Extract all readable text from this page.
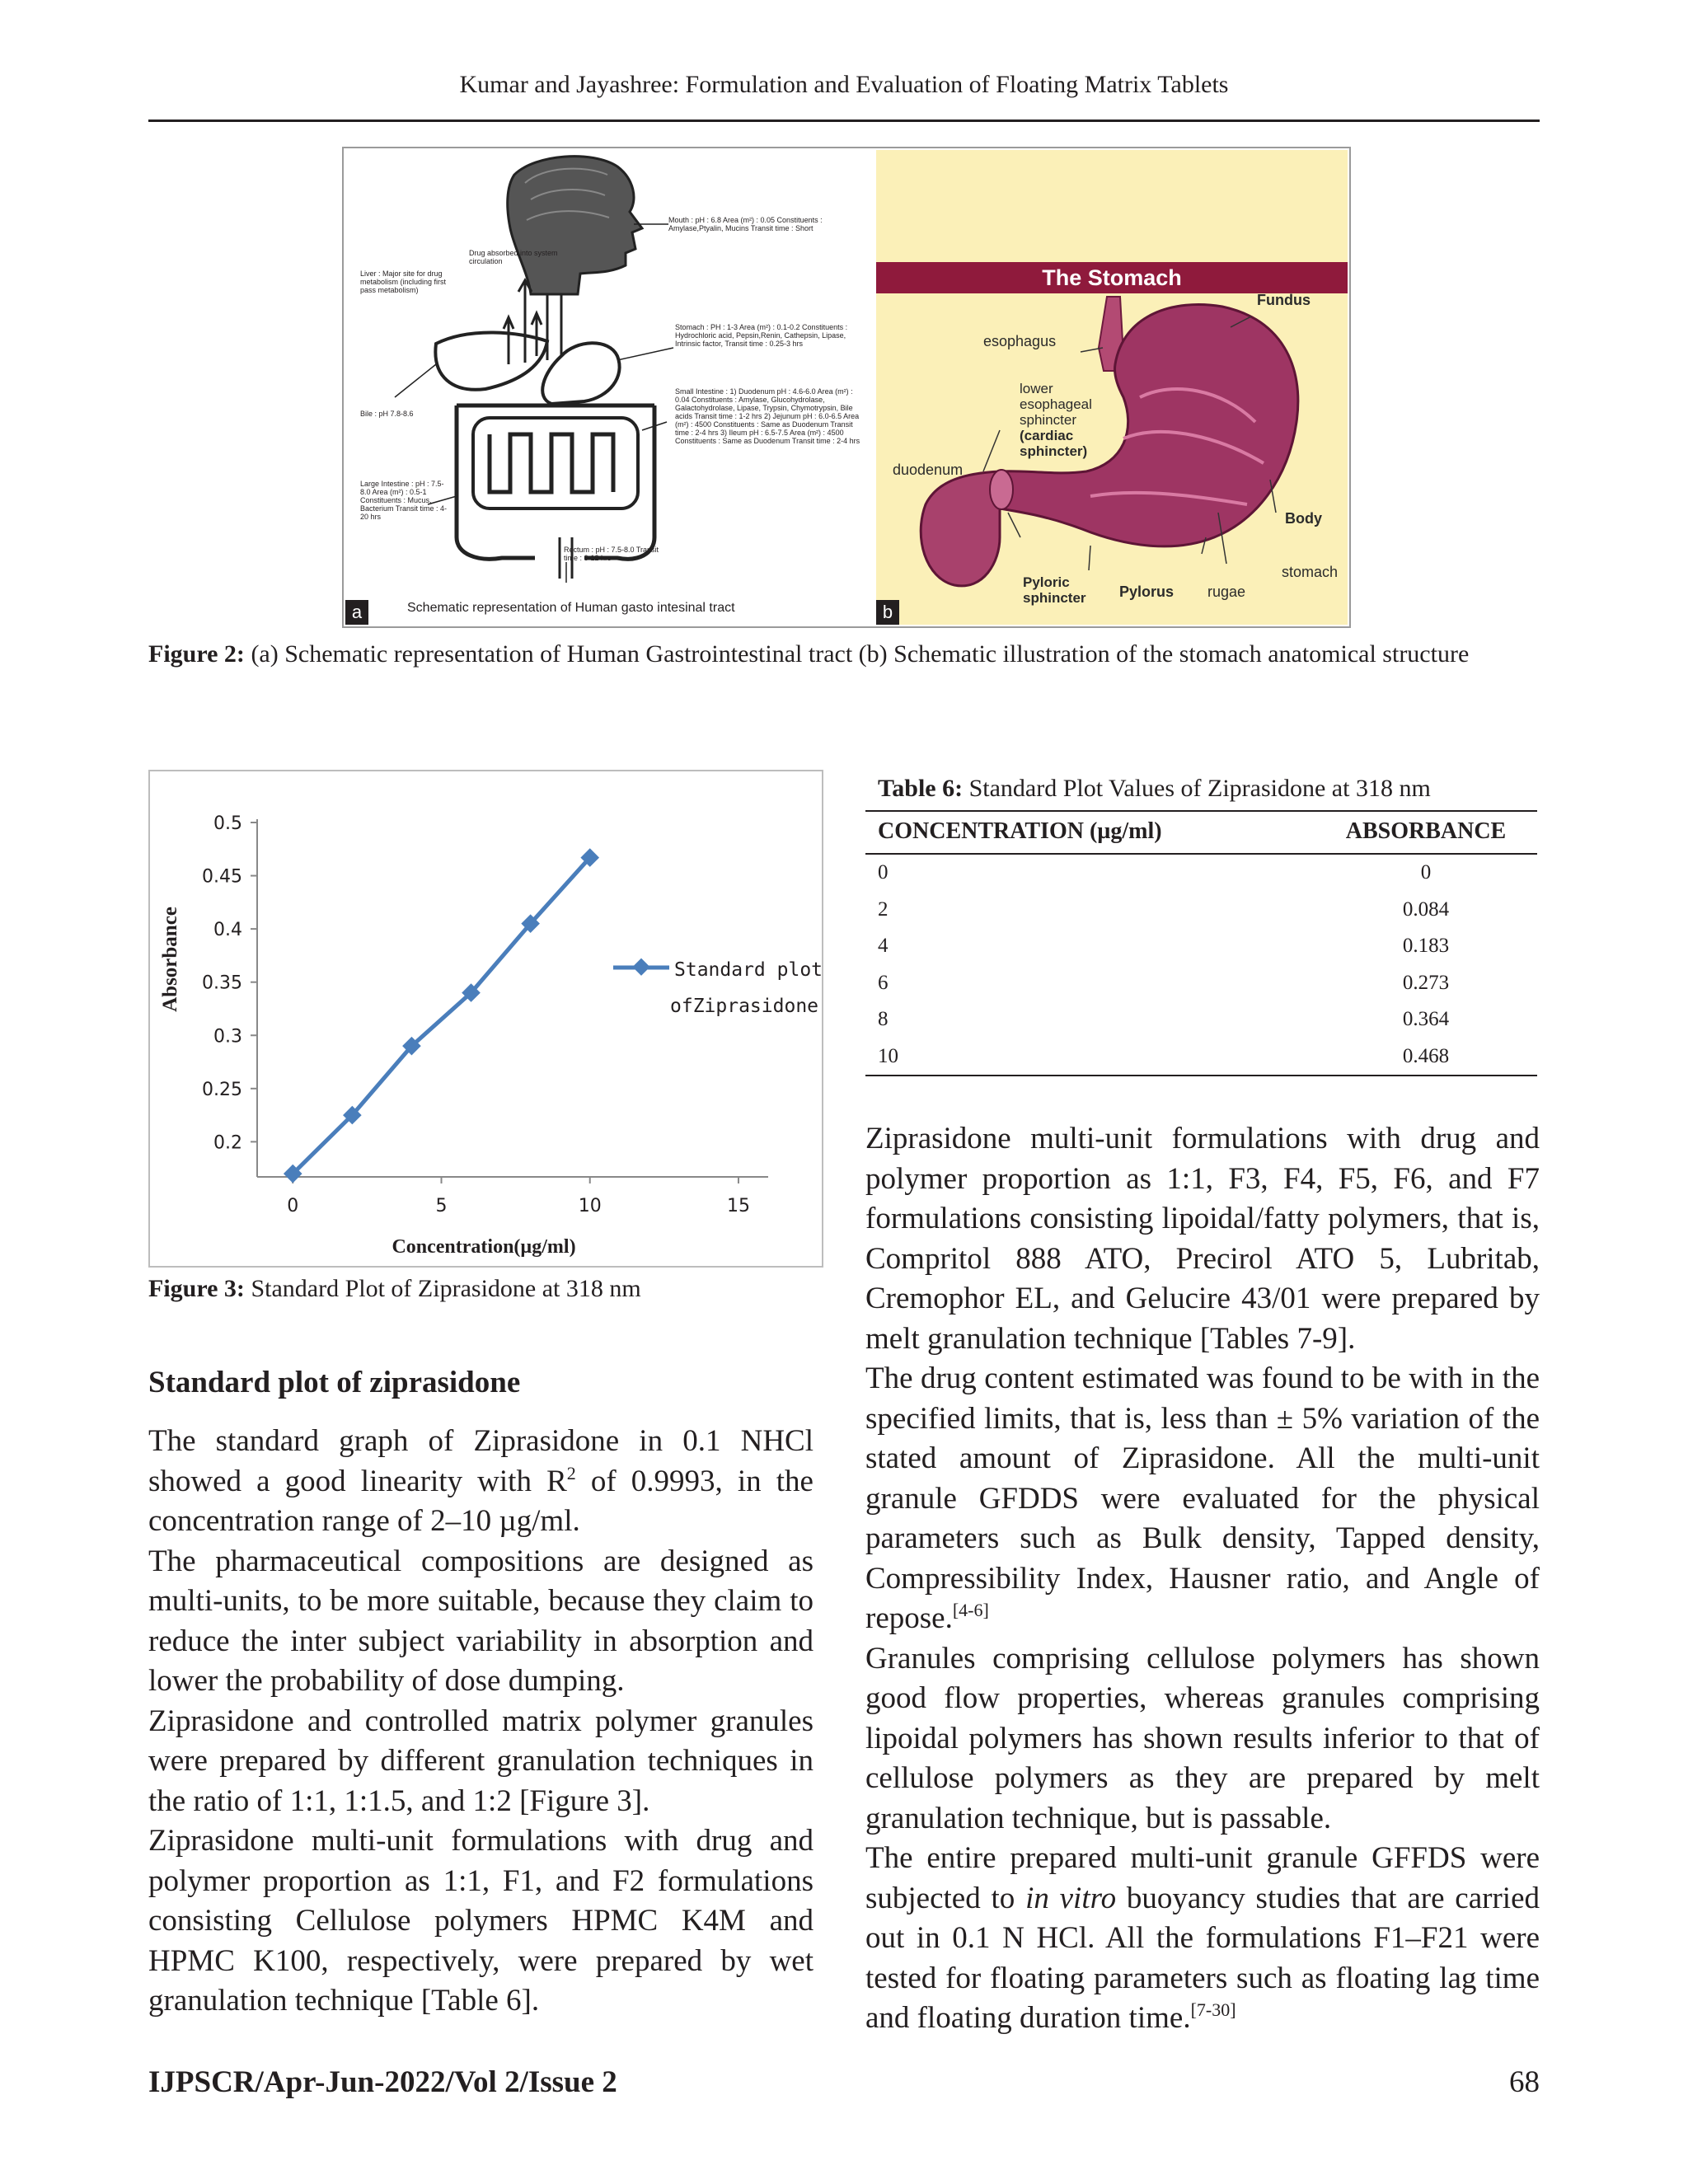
Kumar and Jayashree: Formulation and Evaluation of Floating Matrix Tablets
Mouth : pH : 6.8 Area (m²) : 0.05 Constituents : Amylase,Ptyalin, Mucins Transit time : Short
Drug absorbed into system circulation
Liver : Major site for drug metabolism (including first pass metabolism)
Stomach : PH : 1-3 Area (m²) : 0.1-0.2 Constituents : Hydrochloric acid, Pepsin,Renin, Cathepsin, Lipase, Intrinsic factor, Transit time : 0.25-3 hrs
Small Intestine : 1) Duodenum pH : 4.6-6.0 Area (m²) : 0.04 Constituents : Amylase, Glucohydrolase, Galactohydrolase, Lipase, Trypsin, Chymotrypsin, Bile acids Transit time : 1-2 hrs 2) Jejunum pH : 6.0-6.5 Area (m²) : 4500 Constituents : Same as Duodenum Transit time : 2-4 hrs 3) Ileum pH : 6.5-7.5 Area (m²) : 4500 Constituents : Same as Duodenum Transit time : 2-4 hrs
Bile : pH 7.8-8.6
Large Intestine : pH : 7.5-8.0 Area (m²) : 0.5-1 Constituents : Mucus, Bacterium Transit time : 4-20 hrs
Rectum : pH : 7.5-8.0 Transit time : 6-12 hrs
Schematic representation of Human gasto intesinal tract
a
The Stomach
Fundus
esophagus
lower
esophageal
sphincter
(cardiac
sphincter)
duodenum
Body
stomach
Pyloric
sphincter Pylorus rugae
b
Figure 2: (a) Schematic representation of Human Gastrointestinal tract (b) Schematic illustration of the stomach anatomical structure
0.2
0.25
0.3
0.35
0.4
0.45
0.5
0	5	10	15
Absorbance
Concentration(µg/ml)
Standard plot
ofZiprasidone
Figure 3: Standard Plot of Ziprasidone at 318 nm
Table 6: Standard Plot Values of Ziprasidone at 318 nm
CONCENTRATION (µg/ml)	ABSORBANCE
0	0
2	0.084
4	0.183
6	0.273
8	0.364
10	0.468
Standard plot of ziprasidone

The standard graph of Ziprasidone in 0.1 NHCl showed a good linearity with $R^2$ of 0.9993, in the concentration range of 2–10 µg/ml.

The pharmaceutical compositions are designed as multi-units, to be more suitable, because they claim to reduce the inter subject variability in absorption and lower the probability of dose dumping.

Ziprasidone and controlled matrix polymer granules were prepared by different granulation techniques in the ratio of 1:1, 1:1.5, and 1:2 [Figure 3].

Ziprasidone multi-unit formulations with drug and polymer proportion as 1:1, F1, and F2 formulations consisting Cellulose polymers HPMC K4M and HPMC K100, respectively, were prepared by wet granulation technique [Table 6].

Ziprasidone multi-unit formulations with drug and polymer proportion as 1:1, F3, F4, F5, F6, and F7 formulations consisting lipoidal/fatty polymers, that is, Compritol 888 ATO, Precirol ATO 5, Lubritab, Cremophor EL, and Gelucire 43/01 were prepared by melt granulation technique [Tables 7-9].

The drug content estimated was found to be with in the specified limits, that is, less than ± 5% variation of the stated amount of Ziprasidone. All the multi-unit granule GFDDS were evaluated for the physical parameters such as Bulk density, Tapped density, Compressibility Index, Hausner ratio, and Angle of repose.[4-6]

Granules comprising cellulose polymers has shown good flow properties, whereas granules comprising lipoidal polymers has shown results inferior to that of cellulose polymers as they are prepared by melt granulation technique, but is passable.

The entire prepared multi-unit granule GFFDS were subjected to in vitro buoyancy studies that are carried out in 0.1 N HCl. All the formulations F1–F21 were tested for floating parameters such as floating lag time and floating duration time.[7-30]

IJPSCR/Apr-Jun-2022/Vol 2/Issue 2	68
